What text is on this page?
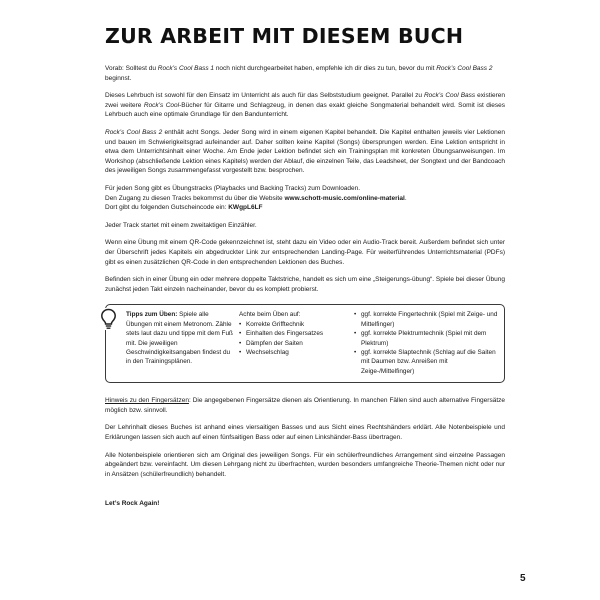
ZUR ARBEIT MIT DIESEM BUCH

Vorab: Solltest du Rock’s Cool Bass 1 noch nicht durchgearbeitet haben, empfehle ich dir dies zu tun, bevor du mit Rock’s Cool Bass 2 beginnst.

Dieses Lehrbuch ist sowohl für den Einsatz im Unterricht als auch für das Selbststudium geeignet. Parallel zu Rock’s Cool Bass existieren zwei weitere Rock’s Cool-Bücher für Gitarre und Schlagzeug, in denen das exakt gleiche Songmaterial behandelt wird. Somit ist dieses Lehrbuch auch eine optimale Grundlage für den Bandunterricht.

Rock’s Cool Bass 2 enthält acht Songs. Jeder Song wird in einem eigenen Kapitel behandelt. Die Kapitel enthalten jeweils vier Lektionen und bauen im Schwierigkeitsgrad aufeinander auf. Daher sollten keine Kapitel (Songs) übersprungen werden. Eine Lektion entspricht in etwa dem Unterrichtsinhalt einer Woche. Am Ende jeder Lektion befindet sich ein Trainingsplan mit konkreten Übungsanweisungen. Im Workshop (abschließende Lektion eines Kapitels) werden der Ablauf, die einzelnen Teile, das Leadsheet, der Songtext und der Bandcoach des jeweiligen Songs zusammengefasst vorgestellt bzw. besprochen.

Für jeden Song gibt es Übungstracks (Playbacks und Backing Tracks) zum Downloaden.
Den Zugang zu diesen Tracks bekommst du über die Website www.schott-music.com/online-material.
Dort gibt du folgenden Gutscheincode ein: KWgpL6LF

Jeder Track startet mit einem zweitaktigen Einzähler.

Wenn eine Übung mit einem QR-Code gekennzeichnet ist, steht dazu ein Video oder ein Audio-Track bereit. Außerdem befindet sich unter der Überschrift jedes Kapitels ein abgedruckter Link zur entsprechenden Landing-Page. Für weiterführendes Unterrichtsmaterial (PDFs) gibt es einen zusätzlichen QR-Code in den entsprechenden Lektionen des Buches.

Befinden sich in einer Übung ein oder mehrere doppelte Taktstriche, handelt es sich um eine „Steigerungs-übung“. Spiele bei dieser Übung zunächst jeden Takt einzeln nacheinander, bevor du es komplett probierst.

Tipps zum Üben: Spiele alle Übungen mit einem Metronom. Zähle stets laut dazu und tippe mit dem Fuß mit. Die jeweiligen Geschwindigkeitsangaben findest du in den Trainingsplänen.
Achte beim Üben auf:
• Korrekte Grifftechnik
• Einhalten des Fingersatzes
• Dämpfen der Saiten
• Wechselschlag
• ggf. korrekte Fingertechnik (Spiel mit Zeige- und Mittelfinger)
• ggf. korrekte Plektrumtechnik (Spiel mit dem Plektrum)
• ggf. korrekte Slaptechnik (Schlag auf die Saiten mit Daumen bzw. Anreißen mit Zeige-/Mittelfinger)

Hinweis zu den Fingersätzen: Die angegebenen Fingersätze dienen als Orientierung. In manchen Fällen sind auch alternative Fingersätze möglich bzw. sinnvoll.

Der Lehrinhalt dieses Buches ist anhand eines viersaitigen Basses und aus Sicht eines Rechtshänders erklärt. Alle Notenbeispiele und Erklärungen lassen sich auch auf einen fünfsaitigen Bass oder auf einen Linkshänder-Bass übertragen.

Alle Notenbeispiele orientieren sich am Original des jeweiligen Songs. Für ein schülerfreundliches Arrangement sind einzelne Passagen abgeändert bzw. vereinfacht. Um diesen Lehrgang nicht zu überfrachten, wurden besonders umfangreiche Theorie-Themen nicht oder nur in Ansätzen (schülerfreundlich) behandelt.

Let’s Rock Again!

5
